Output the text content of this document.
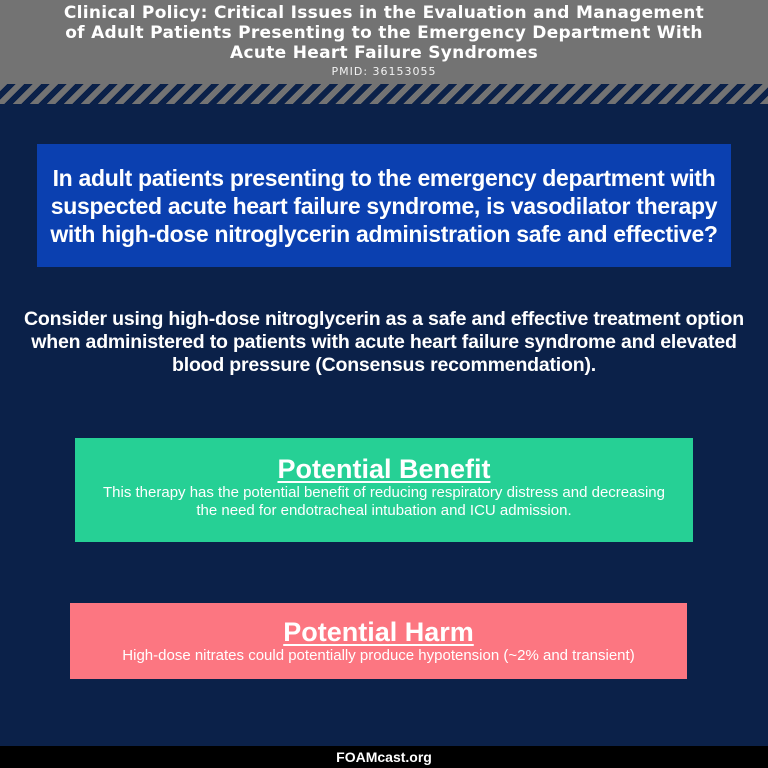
Clinical Policy: Critical Issues in the Evaluation and Management
of Adult Patients Presenting to the Emergency Department With
Acute Heart Failure Syndromes
PMID: 36153055
In adult patients presenting to the emergency department with suspected acute heart failure syndrome, is vasodilator therapy with high-dose nitroglycerin administration safe and effective?
Consider using high-dose nitroglycerin as a safe and effective treatment option when administered to patients with acute heart failure syndrome and elevated blood pressure (Consensus recommendation).
Potential Benefit
This therapy has the potential benefit of reducing respiratory distress and decreasing the need for endotracheal intubation and ICU admission.
Potential Harm
High-dose nitrates could potentially produce hypotension (~2% and transient)
FOAMcast.org
